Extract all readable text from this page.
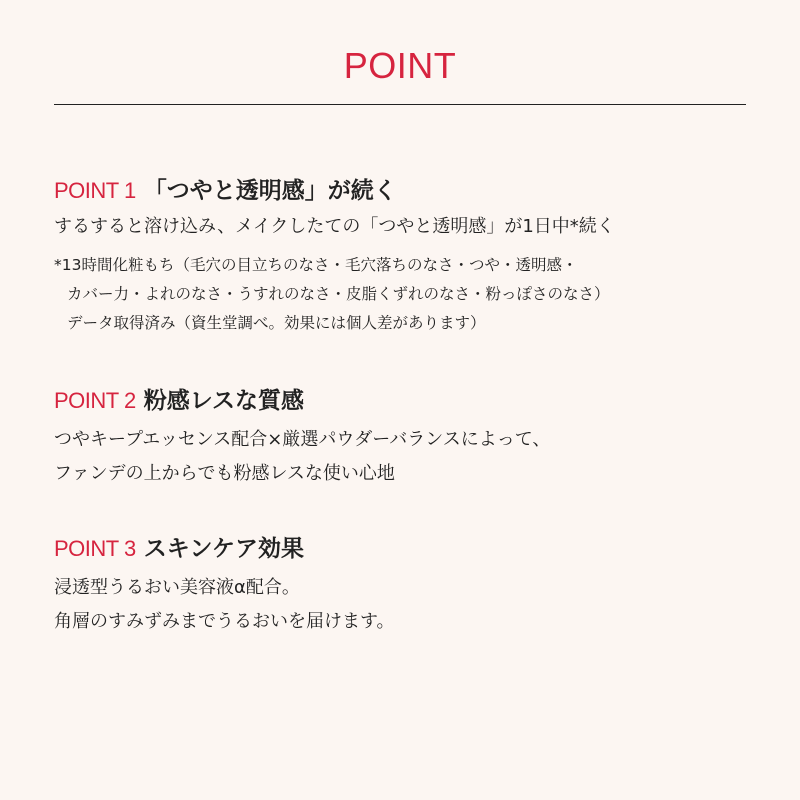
POINT
POINT 1 「つやと透明感」が続く
するすると溶け込み、メイクしたての「つやと透明感」が1日中*続く
*13時間化粧もち（毛穴の目立ちのなさ・毛穴落ちのなさ・つや・透明感・
カバー力・よれのなさ・うすれのなさ・皮脂くずれのなさ・粉っぽさのなさ）
データ取得済み（資生堂調べ。効果には個人差があります）
POINT 2 粉感レスな質感
つやキープエッセンス配合×厳選パウダーバランスによって、
ファンデの上からでも粉感レスな使い心地
POINT 3 スキンケア効果
浸透型うるおい美容液α配合。
角層のすみずみまでうるおいを届けます。
